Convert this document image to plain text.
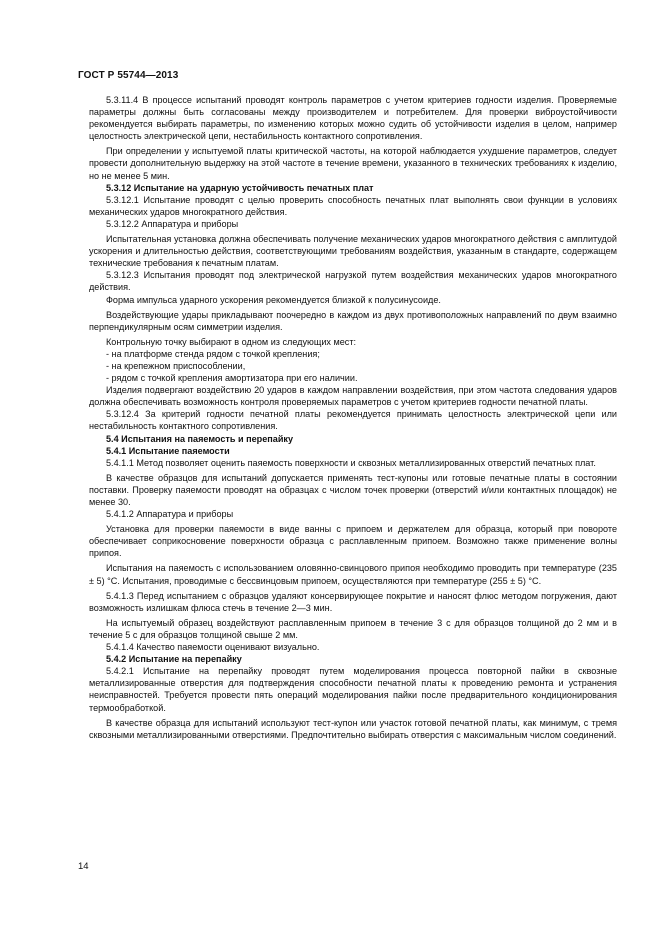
ГОСТ Р 55744—2013

5.3.11.4 В процессе испытаний проводят контроль параметров с учетом критериев годности изделия. Проверяемые параметры должны быть согласованы между производителем и потребителем. Для проверки виброустойчивости рекомендуется выбирать параметры, по изменению которых можно судить об устойчивости изделия в целом, например целостность электрической цепи, нестабильность контактного сопротивления.

При определении у испытуемой платы критической частоты, на которой наблюдается ухудшение параметров, следует провести дополнительную выдержку на этой частоте в течение времени, указанного в технических требованиях к изделию, но не менее 5 мин.

5.3.12 Испытание на ударную устойчивость печатных плат

5.3.12.1 Испытание проводят с целью проверить способность печатных плат выполнять свои функции в условиях механических ударов многократного действия.

5.3.12.2 Аппаратура и приборы

Испытательная установка должна обеспечивать получение механических ударов многократного действия с амплитудой ускорения и длительностью действия, соответствующими требованиям воздействия, указанным в стандарте, содержащем технические требования к печатным платам.

5.3.12.3 Испытания проводят под электрической нагрузкой путем воздействия механических ударов многократного действия.

Форма импульса ударного ускорения рекомендуется близкой к полусинусоиде.

Воздействующие удары прикладывают поочередно в каждом из двух противоположных направлений по двум взаимно перпендикулярным осям симметрии изделия.

Контрольную точку выбирают в одном из следующих мест:

- на платформе стенда рядом с точкой крепления;

- на крепежном приспособлении,

- рядом с точкой крепления амортизатора при его наличии.

Изделия подвергают воздействию 20 ударов в каждом направлении воздействия, при этом частота следования ударов должна обеспечивать возможность контроля проверяемых параметров с учетом критериев годности печатной платы.

5.3.12.4 За критерий годности печатной платы рекомендуется принимать целостность электрической цепи или нестабильность контактного сопротивления.

5.4 Испытания на паяемость и перепайку

5.4.1 Испытание паяемости

5.4.1.1 Метод позволяет оценить паяемость поверхности и сквозных металлизированных отверстий печатных плат.

В качестве образцов для испытаний допускается применять тест-купоны или готовые печатные платы в состоянии поставки. Проверку паяемости проводят на образцах с числом точек проверки (отверстий и/или контактных площадок) не менее 30.

5.4.1.2 Аппаратура и приборы

Установка для проверки паяемости в виде ванны с припоем и держателем для образца, который при повороте обеспечивает соприкосновение поверхности образца с расплавленным припоем. Возможно также применение волны припоя.

Испытания на паяемость с использованием оловянно-свинцового припоя необходимо проводить при температуре (235 ± 5) °С. Испытания, проводимые с бессвинцовым припоем, осуществляются при температуре (255 ± 5) °С.

5.4.1.3 Перед испытанием с образцов удаляют консервирующее покрытие и наносят флюс методом погружения, дают возможность излишкам флюса стечь в течение 2—3 мин.

На испытуемый образец воздействуют расплавленным припоем в течение 3 с для образцов толщиной до 2 мм и в течение 5 с для образцов толщиной свыше 2 мм.

5.4.1.4 Качество паяемости оценивают визуально.

5.4.2 Испытание на перепайку

5.4.2.1 Испытание на перепайку проводят путем моделирования процесса повторной пайки в сквозные металлизированные отверстия для подтверждения способности печатной платы к проведению ремонта и устранения неисправностей. Требуется провести пять операций моделирования пайки после предварительного кондиционирования термообработкой.

В качестве образца для испытаний используют тест-купон или участок готовой печатной платы, как минимум, с тремя сквозными металлизированными отверстиями. Предпочтительно выбирать отверстия с максимальным числом соединений.

14
